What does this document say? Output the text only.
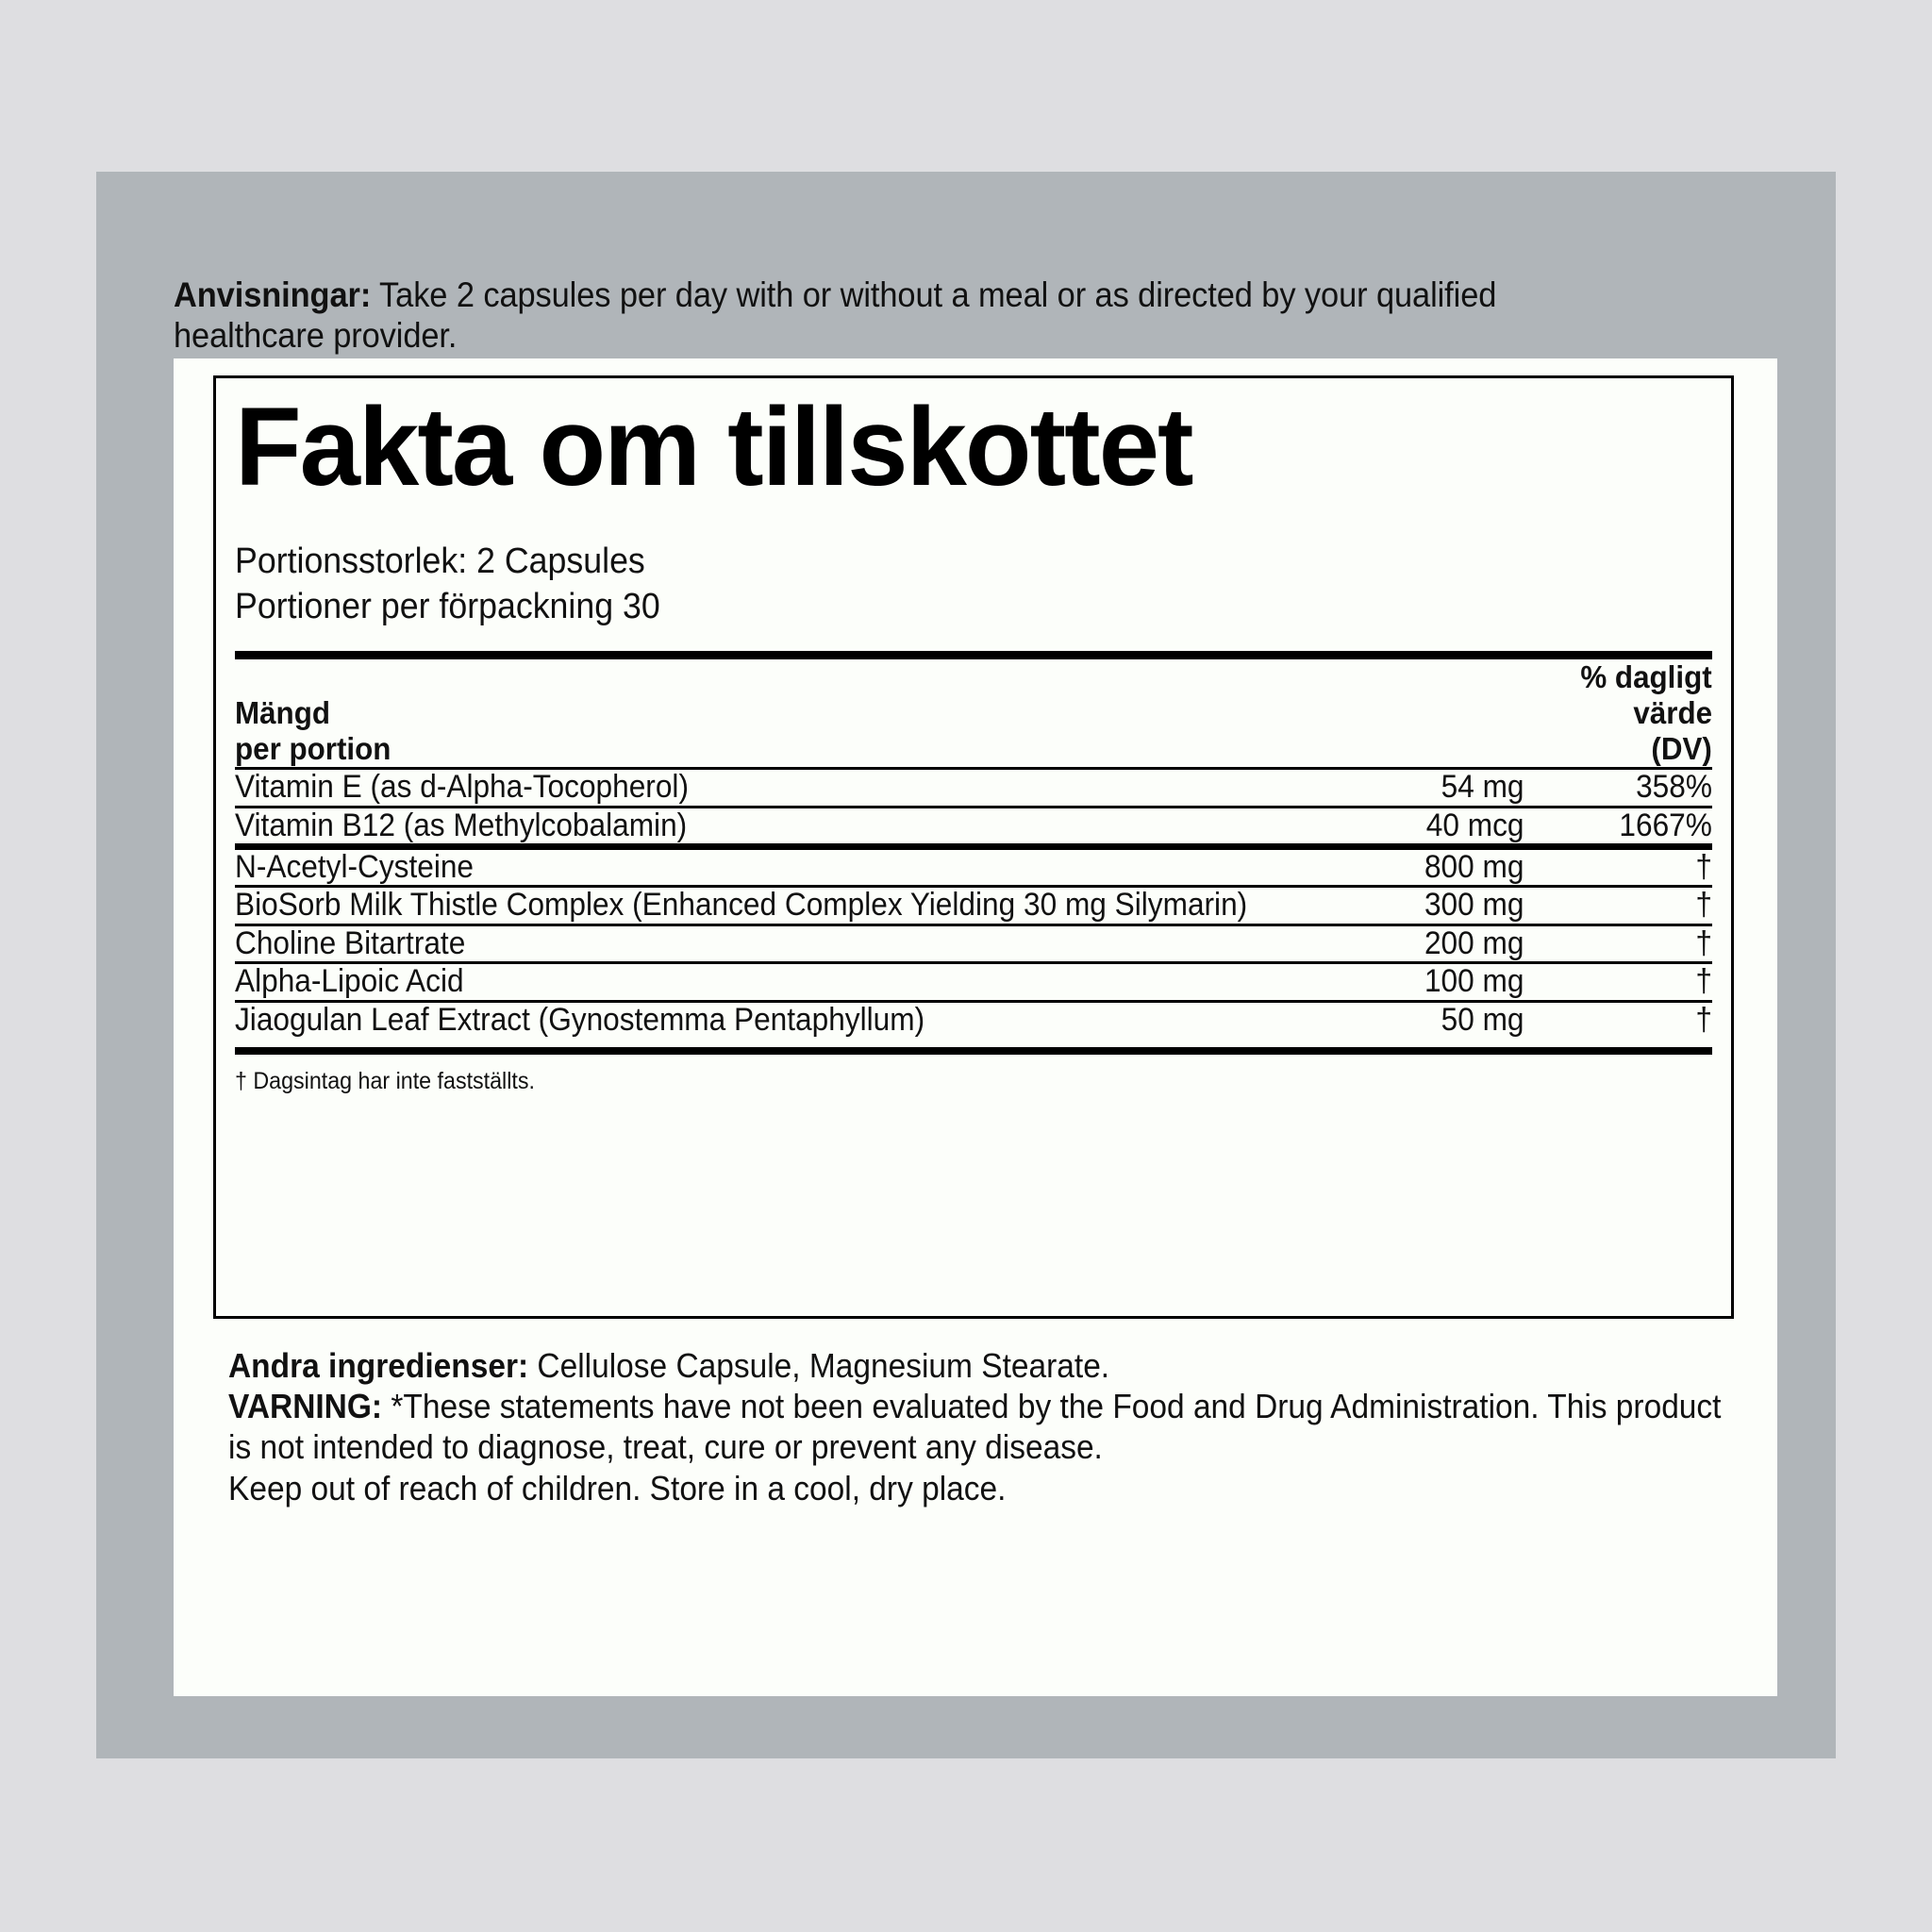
Anvisningar: Take 2 capsules per day with or without a meal or as directed by your qualified healthcare provider.

Fakta om tillskottet
Portionsstorlek: 2 Capsules
Portioner per förpackning 30
Mängd
per portion		% dagligt
värde
(DV)

Vitamin E (as d-Alpha-Tocopherol)	54 mg	358%

Vitamin B12 (as Methylcobalamin)	40 mcg	1667%

N-Acetyl-Cysteine	800 mg	†

BioSorb Milk Thistle Complex (Enhanced Complex Yielding 30 mg Silymarin)	300 mg	†

Choline Bitartrate	200 mg	†

Alpha-Lipoic Acid	100 mg	†

Jiaogulan Leaf Extract (Gynostemma Pentaphyllum)	50 mg	†
† Dagsintag har inte fastställts.

Andra ingredienser: Cellulose Capsule, Magnesium Stearate.

VARNING: *These statements have not been evaluated by the Food and Drug Administration. This product is not intended to diagnose, treat, cure or prevent any disease.

Keep out of reach of children. Store in a cool, dry place.
